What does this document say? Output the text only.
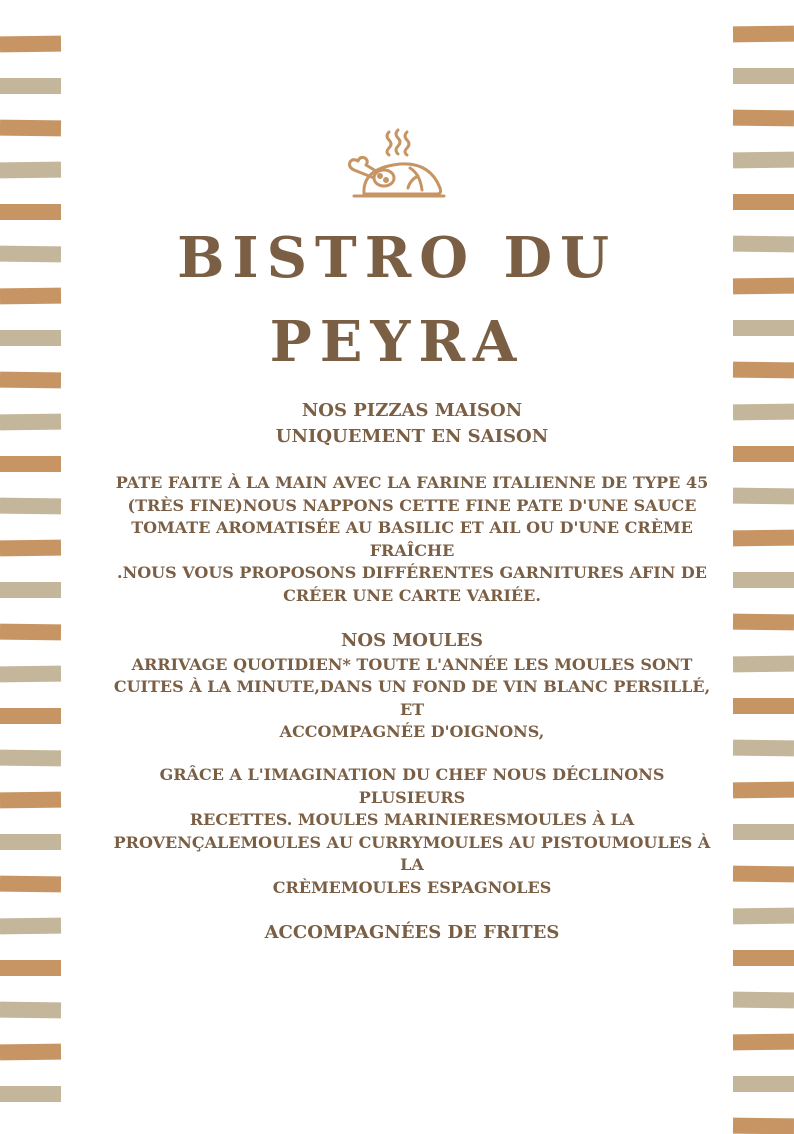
BISTRO DU
PEYRA

NOS PIZZAS MAISON

UNIQUEMENT EN SAISON

PATE FAITE À LA MAIN AVEC LA FARINE ITALIENNE DE TYPE 45

(TRÈS FINE)NOUS NAPPONS CETTE FINE PATE D'UNE SAUCE

TOMATE AROMATISÉE AU BASILIC ET AIL OU D'UNE CRÈME

FRAÎCHE

.NOUS VOUS PROPOSONS DIFFÉRENTES GARNITURES AFIN DE

CRÉER UNE CARTE VARIÉE.

NOS MOULES

ARRIVAGE QUOTIDIEN* TOUTE L'ANNÉE LES MOULES SONT

CUITES À LA MINUTE,DANS UN FOND DE VIN BLANC PERSILLÉ, ET

ACCOMPAGNÉE D'OIGNONS,

GRÂCE A L'IMAGINATION DU CHEF NOUS DÉCLINONS PLUSIEURS

RECETTES. MOULES MARINIERESMOULES À LA

PROVENÇALEMOULES AU CURRYMOULES AU PISTOUMOULES À LA

CRÈMEMOULES ESPAGNOLES

ACCOMPAGNÉES DE FRITES
